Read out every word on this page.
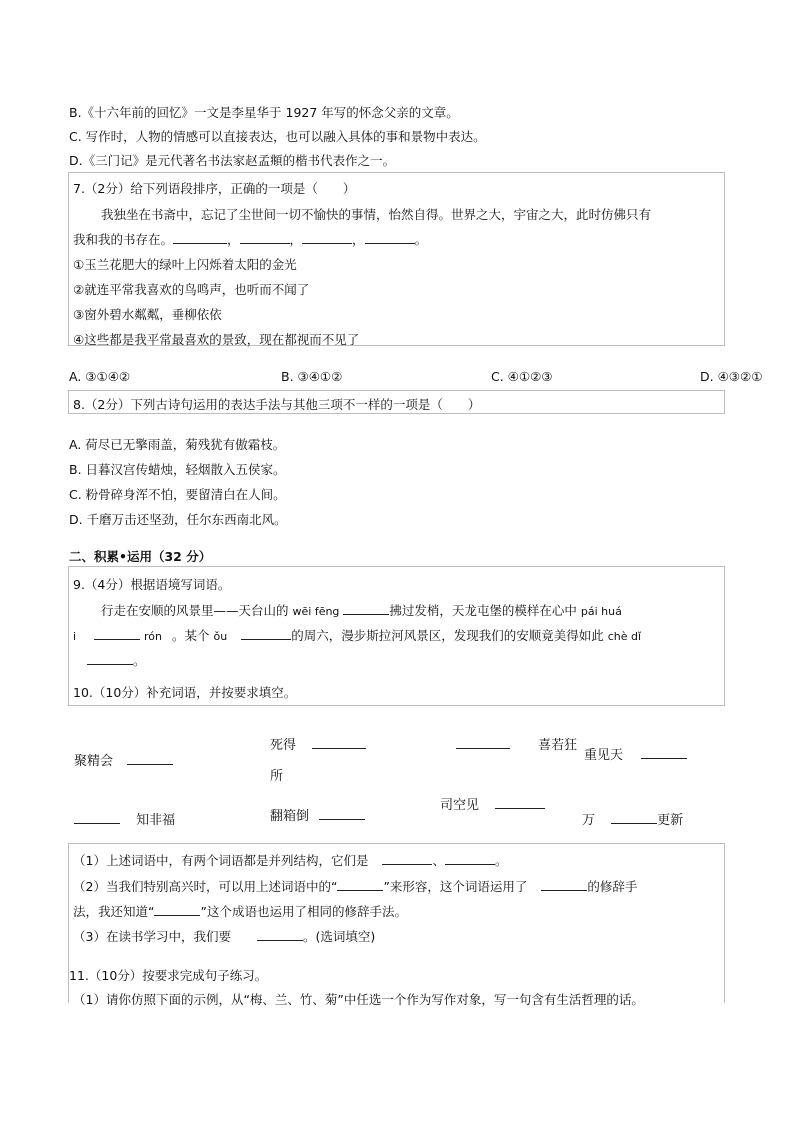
B.《十六年前的回忆》一文是李星华于 1927 年写的怀念父亲的文章。
C. 写作时，人物的情感可以直接表达，也可以融入具体的事和景物中表达。
D.《三门记》是元代著名书法家赵孟頫的楷书代表作之一。
7.（2分）给下列语段排序，正确的一项是（　　）
我独坐在书斋中，忘记了尘世间一切不愉快的事情，怡然自得。世界之大，宇宙之大，此时仿佛只有
我和我的书存在。	，	，	，	。
①玉兰花肥大的绿叶上闪烁着太阳的金光
②就连平常我喜欢的鸟鸣声，也听而不闻了
③窗外碧水粼粼，垂柳依依
④这些都是我平常最喜欢的景致，现在都视而不见了
A. ③①④②	B. ③④①②	C. ④①②③	D. ④③②①
8.（2分）下列古诗句运用的表达手法与其他三项不一样的一项是（　　）
A. 荷尽已无擎雨盖，菊残犹有傲霜枝。
B. 日暮汉宫传蜡烛，轻烟散入五侯家。
C. 粉骨碎身浑不怕，要留清白在人间。
D. 千磨万击还坚劲，任尔东西南北风。
二、积累•运用（32 分）
9.（4分）根据语境写词语。
行走在安顺的风景里——天台山的 wēi fēng	拂过发梢，天龙屯堡的模样在心中 pái huá
i	rón 。某个 ǒu	的周六，漫步斯拉河风景区，发现我们的安顺竟美得如此 chè dǐ
。
10.（10分）补充词语，并按要求填空。
聚精会
死得
所
喜若狂
重见天
知非福	翻箱倒
司空见
万	更新
（1）上述词语中，有两个词语都是并列结构，它们是	、	。
（2）当我们特别高兴时，可以用上述词语中的“	”来形容，这个词语运用了	的修辞手
法，我还知道“	”这个成语也运用了相同的修辞手法。
（3）在读书学习中，我们要	。(选词填空)
11.（10分）按要求完成句子练习。
（1）请你仿照下面的示例，从“梅、兰、竹、菊”中任选一个作为写作对象，写一句含有生活哲理的话。
